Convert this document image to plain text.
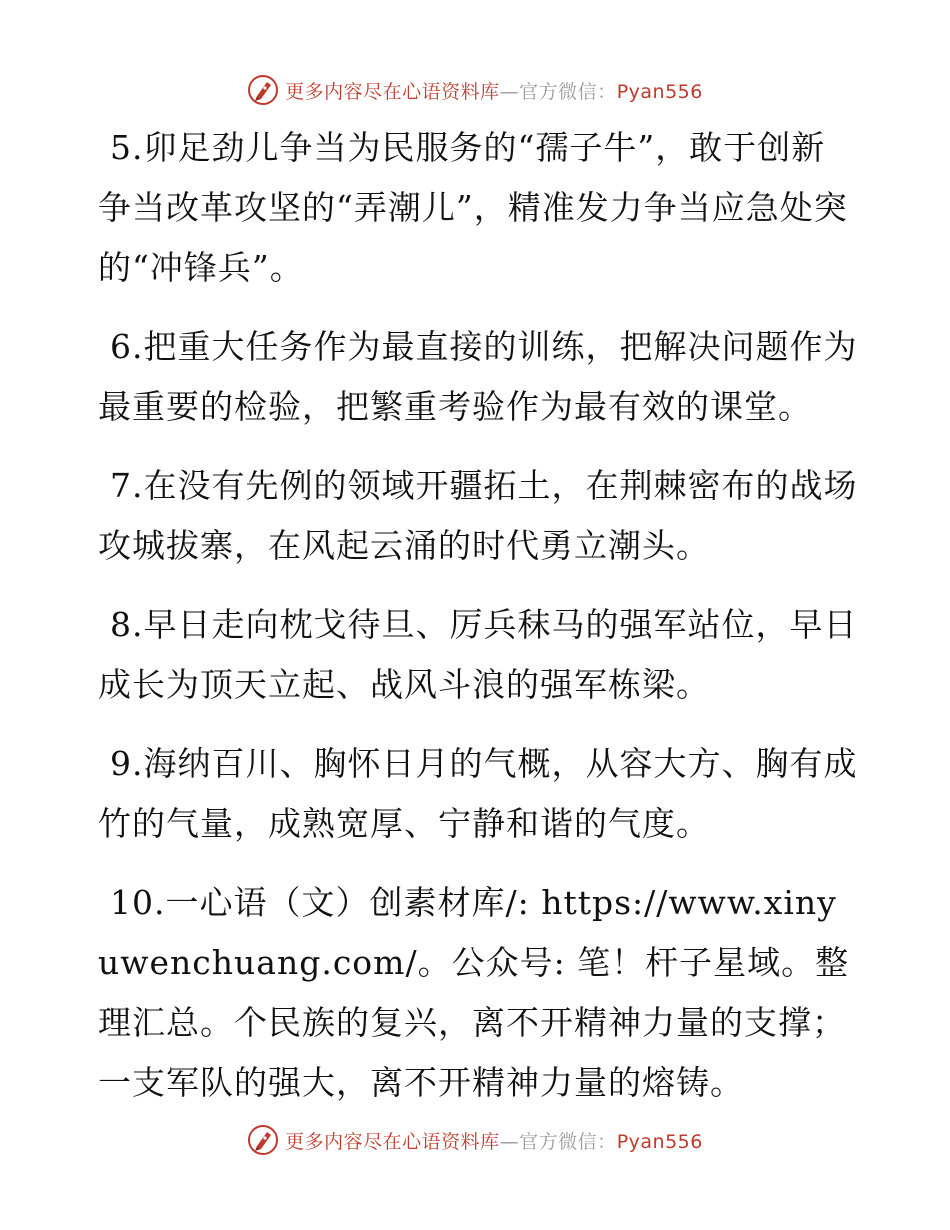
更多内容尽在心语资料库—官方微信：Pyan556

5.卯足劲儿争当为民服务的“孺子牛”，敢于创新争当改革攻坚的“弄潮儿”，精准发力争当应急处突的“冲锋兵”。

6.把重大任务作为最直接的训练，把解决问题作为最重要的检验，把繁重考验作为最有效的课堂。

7.在没有先例的领域开疆拓土，在荆棘密布的战场攻城拔寨，在风起云涌的时代勇立潮头。

8.早日走向枕戈待旦、厉兵秣马的强军站位，早日成长为顶天立起、战风斗浪的强军栋梁。

9.海纳百川、胸怀日月的气概，从容大方、胸有成竹的气量，成熟宽厚、宁静和谐的气度。

10.一心语（文）创素材库/: https://www.xinyuwenchuang.com/。公众号: 笔！杆子星域。整理汇总。个民族的复兴，离不开精神力量的支撑；一支军队的强大，离不开精神力量的熔铸。

更多内容尽在心语资料库—官方微信：Pyan556
